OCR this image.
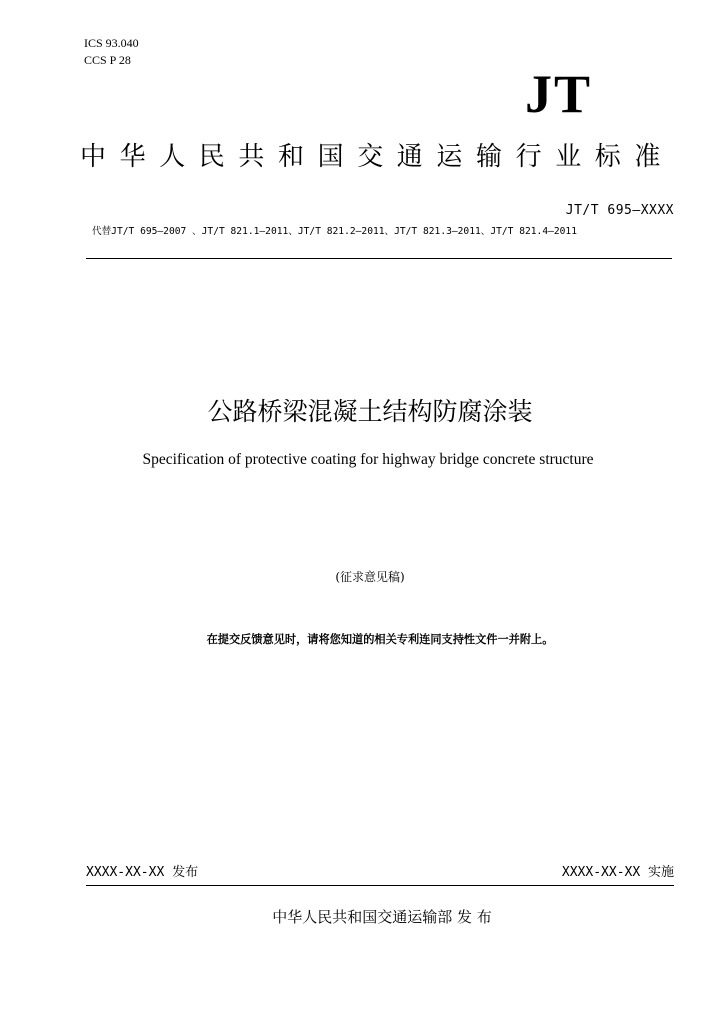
ICS 93.040
CCS P 28
JT
中华人民共和国交通运输行业标准
JT/T 695—XXXX
代替JT/T 695—2007 、JT/T 821.1—2011、JT/T 821.2—2011、JT/T 821.3—2011、JT/T 821.4—2011
公路桥梁混凝土结构防腐涂装
Specification of protective coating for highway bridge concrete structure
(征求意见稿)
在提交反馈意见时，请将您知道的相关专利连同支持性文件一并附上。
XXXX-XX-XX 发布	XXXX-XX-XX 实施
中华人民共和国交通运输部 发 布
